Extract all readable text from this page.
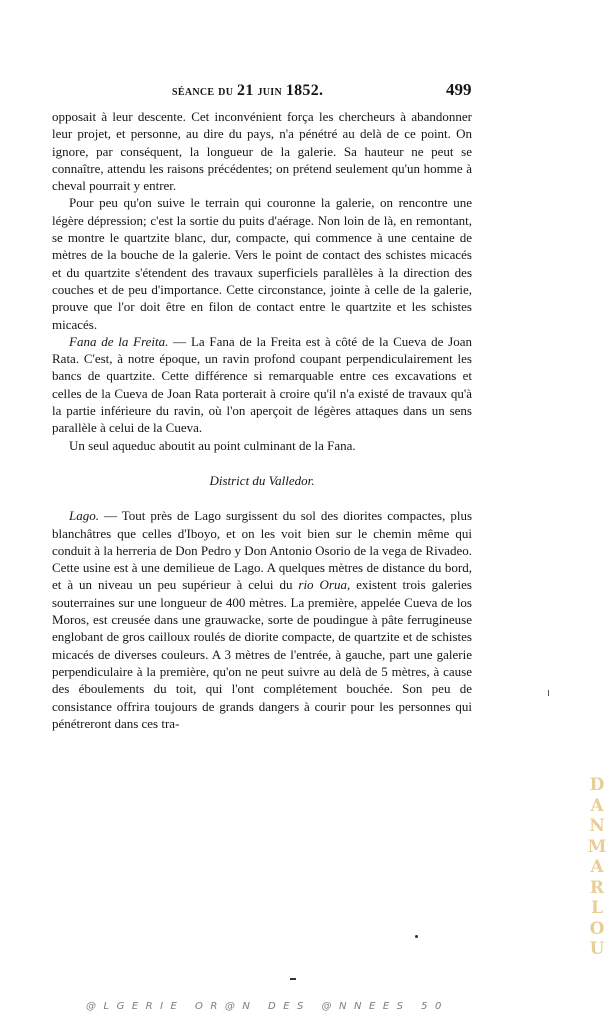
séance du 21 juin 1852.	499

opposait à leur descente. Cet inconvénient força les chercheurs à abandonner leur projet, et personne, au dire du pays, n'a pénétré au delà de ce point. On ignore, par conséquent, la longueur de la galerie. Sa hauteur ne peut se connaître, attendu les raisons précédentes; on prétend seulement qu'un homme à cheval pourrait y entrer.

Pour peu qu'on suive le terrain qui couronne la galerie, on rencontre une légère dépression; c'est la sortie du puits d'aérage. Non loin de là, en remontant, se montre le quartzite blanc, dur, compacte, qui commence à une centaine de mètres de la bouche de la galerie. Vers le point de contact des schistes micacés et du quartzite s'étendent des travaux superficiels parallèles à la direction des couches et de peu d'importance. Cette circonstance, jointe à celle de la galerie, prouve que l'or doit être en filon de contact entre le quartzite et les schistes micacés.

Fana de la Freita. — La Fana de la Freita est à côté de la Cueva de Joan Rata. C'est, à notre époque, un ravin profond coupant perpendiculairement les bancs de quartzite. Cette différence si remarquable entre ces excavations et celles de la Cueva de Joan Rata porterait à croire qu'il n'a existé de travaux qu'à la partie inférieure du ravin, où l'on aperçoit de légères attaques dans un sens parallèle à celui de la Cueva.

Un seul aqueduc aboutit au point culminant de la Fana.

District du Valledor.

Lago. — Tout près de Lago surgissent du sol des diorites compactes, plus blanchâtres que celles d'Iboyo, et on les voit bien sur le chemin même qui conduit à la herreria de Don Pedro y Don Antonio Osorio de la vega de Rivadeo. Cette usine est à une demilieue de Lago. A quelques mètres de distance du bord, et à un niveau un peu supérieur à celui du rio Orua, existent trois galeries souterraines sur une longueur de 400 mètres. La première, appelée Cueva de los Moros, est creusée dans une grauwacke, sorte de poudingue à pâte ferrugineuse englobant de gros cailloux roulés de diorite compacte, de quartzite et de schistes micacés de diverses couleurs. A 3 mètres de l'entrée, à gauche, part une galerie perpendiculaire à la première, qu'on ne peut suivre au delà de 5 mètres, à cause des éboulements du toit, qui l'ont complétement bouchée. Son peu de consistance offrira toujours de grands dangers à courir pour les personnes qui pénétreront dans ces tra-

D
A
N
M
A
R
L
O
U
@LGERIE OR@N DES @NNEES 50
